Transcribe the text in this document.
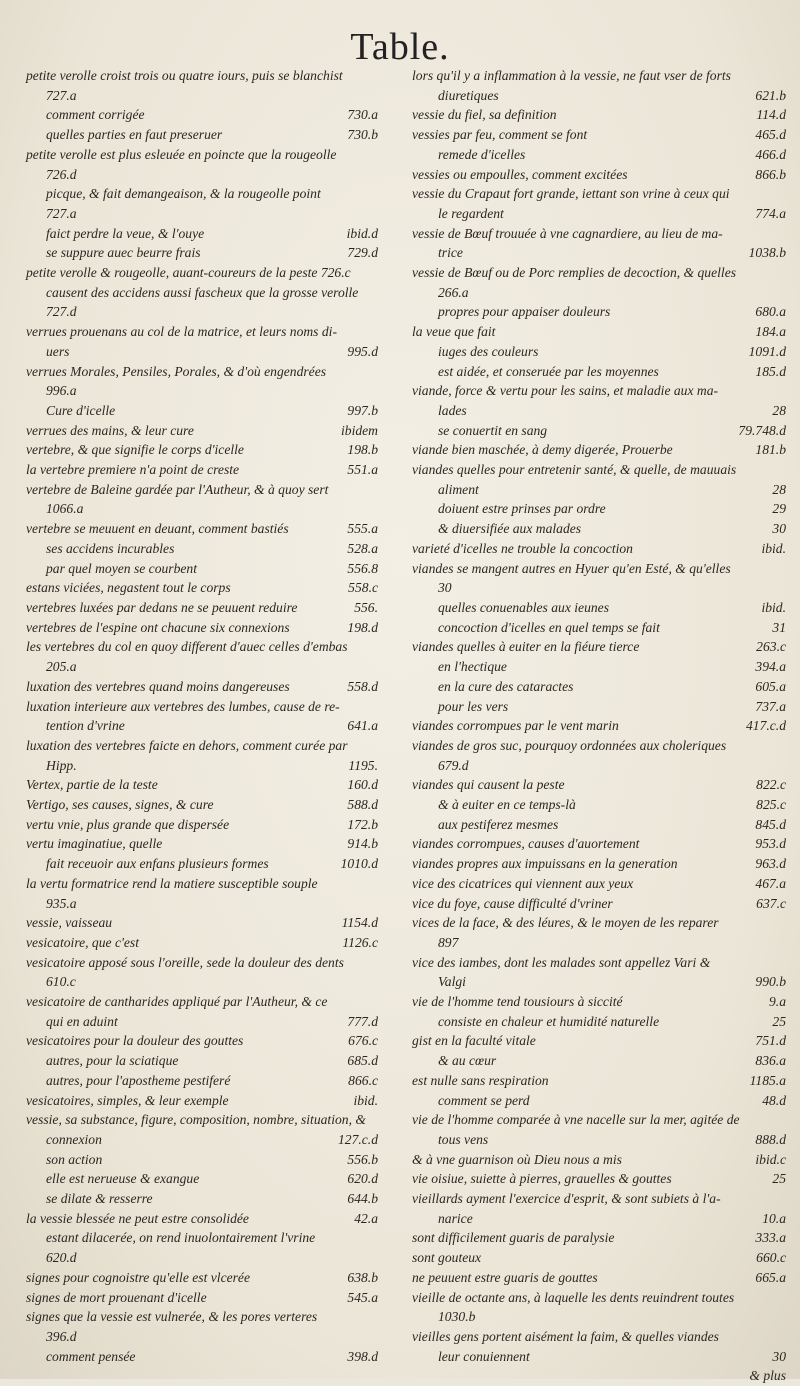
Table.
petite verolle croist trois ou quatre iours, puis se blanchist
727.a
comment corrigée	730.a
quelles parties en faut preseruer	730.b
petite verolle est plus esleuée en poincte que la rougeolle
726.d
picque, & fait demangeaison, & la rougeolle point
727.a
faict perdre la veue, & l'ouye	ibid.d
se suppure auec beurre frais	729.d
petite verolle & rougeolle, auant-coureurs de la peste 726.c
causent des accidens aussi fascheux que la grosse verolle
727.d
verrues prouenans au col de la matrice, et leurs noms di-
uers	995.d
verrues Morales, Pensiles, Porales, & d'où engendrées
996.a
Cure d'icelle	997.b
verrues des mains, & leur cure	ibidem
vertebre, & que signifie le corps d'icelle	198.b
la vertebre premiere n'a point de creste	551.a
vertebre de Baleine gardée par l'Autheur, & à quoy sert
1066.a
vertebre se meuuent en deuant, comment bastiés	555.a
ses accidens incurables	528.a
par quel moyen se courbent	556.8
estans viciées, negastent tout le corps	558.c
vertebres luxées par dedans ne se peuuent reduire	556.
vertebres de l'espine ont chacune six connexions	198.d
les vertebres du col en quoy different d'auec celles d'embas
205.a
luxation des vertebres quand moins dangereuses	558.d
luxation interieure aux vertebres des lumbes, cause de re-
tention d'vrine	641.a
luxation des vertebres faicte en dehors, comment curée par
Hipp.	1195.
Vertex, partie de la teste	160.d
Vertigo, ses causes, signes, & cure	588.d
vertu vnie, plus grande que dispersée	172.b
vertu imaginatiue, quelle	914.b
fait receuoir aux enfans plusieurs formes	1010.d
la vertu formatrice rend la matiere susceptible souple
935.a
vessie, vaisseau	1154.d
vesicatoire, que c'est	1126.c
vesicatoire apposé sous l'oreille, sede la douleur des dents
610.c
vesicatoire de cantharides appliqué par l'Autheur, & ce
qui en aduint	777.d
vesicatoires pour la douleur des gouttes	676.c
autres, pour la sciatique	685.d
autres, pour l'apostheme pestiferé	866.c
vesicatoires, simples, & leur exemple	ibid.
vessie, sa substance, figure, composition, nombre, situation, &
connexion	127.c.d
son action	556.b
elle est nerueuse & exangue	620.d
se dilate & resserre	644.b
la vessie blessée ne peut estre consolidée	42.a
estant dilacerée, on rend inuolontairement l'vrine
620.d
signes pour cognoistre qu'elle est vlcerée	638.b
signes de mort prouenant d'icelle	545.a
signes que la vessie est vulnerée, & les pores verteres
396.d
comment pensée	398.d
lors qu'il y a inflammation à la vessie, ne faut vser de forts
diuretiques	621.b
vessie du fiel, sa definition	114.d
vessies par feu, comment se font	465.d
remede d'icelles	466.d
vessies ou empoulles, comment excitées	866.b
vessie du Crapaut fort grande, iettant son vrine à ceux qui
le regardent	774.a
vessie de Bœuf trouuée à vne cagnardiere, au lieu de ma-
trice	1038.b
vessie de Bœuf ou de Porc remplies de decoction, & quelles
266.a
propres pour appaiser douleurs	680.a
la veue que fait	184.a
iuges des couleurs	1091.d
est aidée, et conseruée par les moyennes	185.d
viande, force & vertu pour les sains, et maladie aux ma-
lades	28
se conuertit en sang	79.748.d
viande bien maschée, à demy digerée, Prouerbe	181.b
viandes quelles pour entretenir santé, & quelle, de mauuais
aliment	28
doiuent estre prinses par ordre	29
& diuersifiée aux malades	30
varieté d'icelles ne trouble la concoction	ibid.
viandes se mangent autres en Hyuer qu'en Esté, & qu'elles
30
quelles conuenables aux ieunes	ibid.
concoction d'icelles en quel temps se fait	31
viandes quelles à euiter en la fiéure tierce	263.c
en l'hectique	394.a
en la cure des cataractes	605.a
pour les vers	737.a
viandes corrompues par le vent marin	417.c.d
viandes de gros suc, pourquoy ordonnées aux choleriques
679.d
viandes qui causent la peste	822.c
& à euiter en ce temps-là	825.c
aux pestiferez mesmes	845.d
viandes corrompues, causes d'auortement	953.d
viandes propres aux impuissans en la generation	963.d
vice des cicatrices qui viennent aux yeux	467.a
vice du foye, cause difficulté d'vriner	637.c
vices de la face, & des léures, & le moyen de les reparer
897
vice des iambes, dont les malades sont appellez Vari &
Valgi	990.b
vie de l'homme tend tousiours à siccité	9.a
consiste en chaleur et humidité naturelle	25
gist en la faculté vitale	751.d
& au cœur	836.a
est nulle sans respiration	1185.a
comment se perd	48.d
vie de l'homme comparée à vne nacelle sur la mer, agitée de
tous vens	888.d
& à vne guarnison où Dieu nous a mis	ibid.c
vie oisiue, suiette à pierres, grauelles & gouttes	25
vieillards ayment l'exercice d'esprit, & sont subiets à l'a-
narice	10.a
sont difficilement guaris de paralysie	333.a
sont gouteux	660.c
ne peuuent estre guaris de gouttes	665.a
vieille de octante ans, à laquelle les dents reuindrent toutes
1030.b
vieilles gens portent aisément la faim, & quelles viandes
leur conuiennent	30

& plus
